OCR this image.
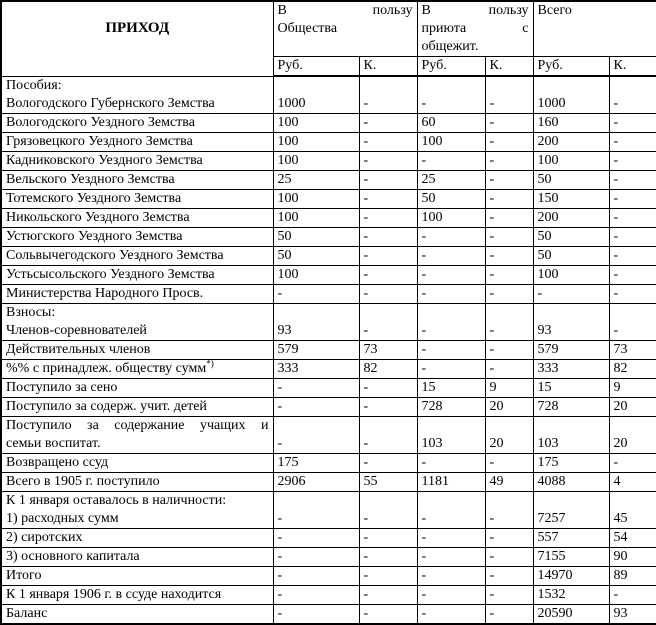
ПРИХОД	
В	пользу
Общества

В	пользу
приюта	с
общежит.

Всего

	Руб.	К.	Руб.	К.	Руб.	К.

Пособия:
Вологодского Губернского Земства	1000	-	-	-	1000	-
Вологодского Уездного Земства	100	-	60	-	160	-
Грязовецкого Уездного Земства	100	-	100	-	200	-
Кадниковского Уездного Земства	100	-	-	-	100	-
Вельского Уездного Земства	25	-	25	-	50	-
Тотемского Уездного Земства	100	-	50	-	150	-
Никольского Уездного Земства	100	-	100	-	200	-
Устюгского Уездного Земства	50	-	-	-	50	-
Сольвычегодского Уездного Земства	50	-	-	-	50	-
Устьсысольского Уездного Земства	100	-	-	-	100	-
Министерства Народного Просв.	-	-	-	-	-	-

Взносы:
Членов-соревнователей	93	-	-	-	93	-
Действительных членов	579	73	-	-	579	73
%% с принадлеж. обществу сумм*)	333	82	-	-	333	82
Поступило за сено	-	-	15	9	15	9
Поступило за содерж. учит. детей	-	-	728	20	728	20

Поступило за содержание учащих и
семьи воспитат.	-	-	103	20	103	20
Возвращено ссуд	175	-	-	-	175	-
Всего в 1905 г. поступило	2906	55	1181	49	4088	4

К 1 января оставалось в наличности:
1) расходных сумм	-	-	-	-	7257	45
2) сиротских	-	-	-	-	557	54
3) основного капитала	-	-	-	-	7155	90
Итого	-	-	-	-	14970	89
К 1 января 1906 г. в ссуде находится	-	-	-	-	1532	-
Баланс	-	-	-	-	20590	93
